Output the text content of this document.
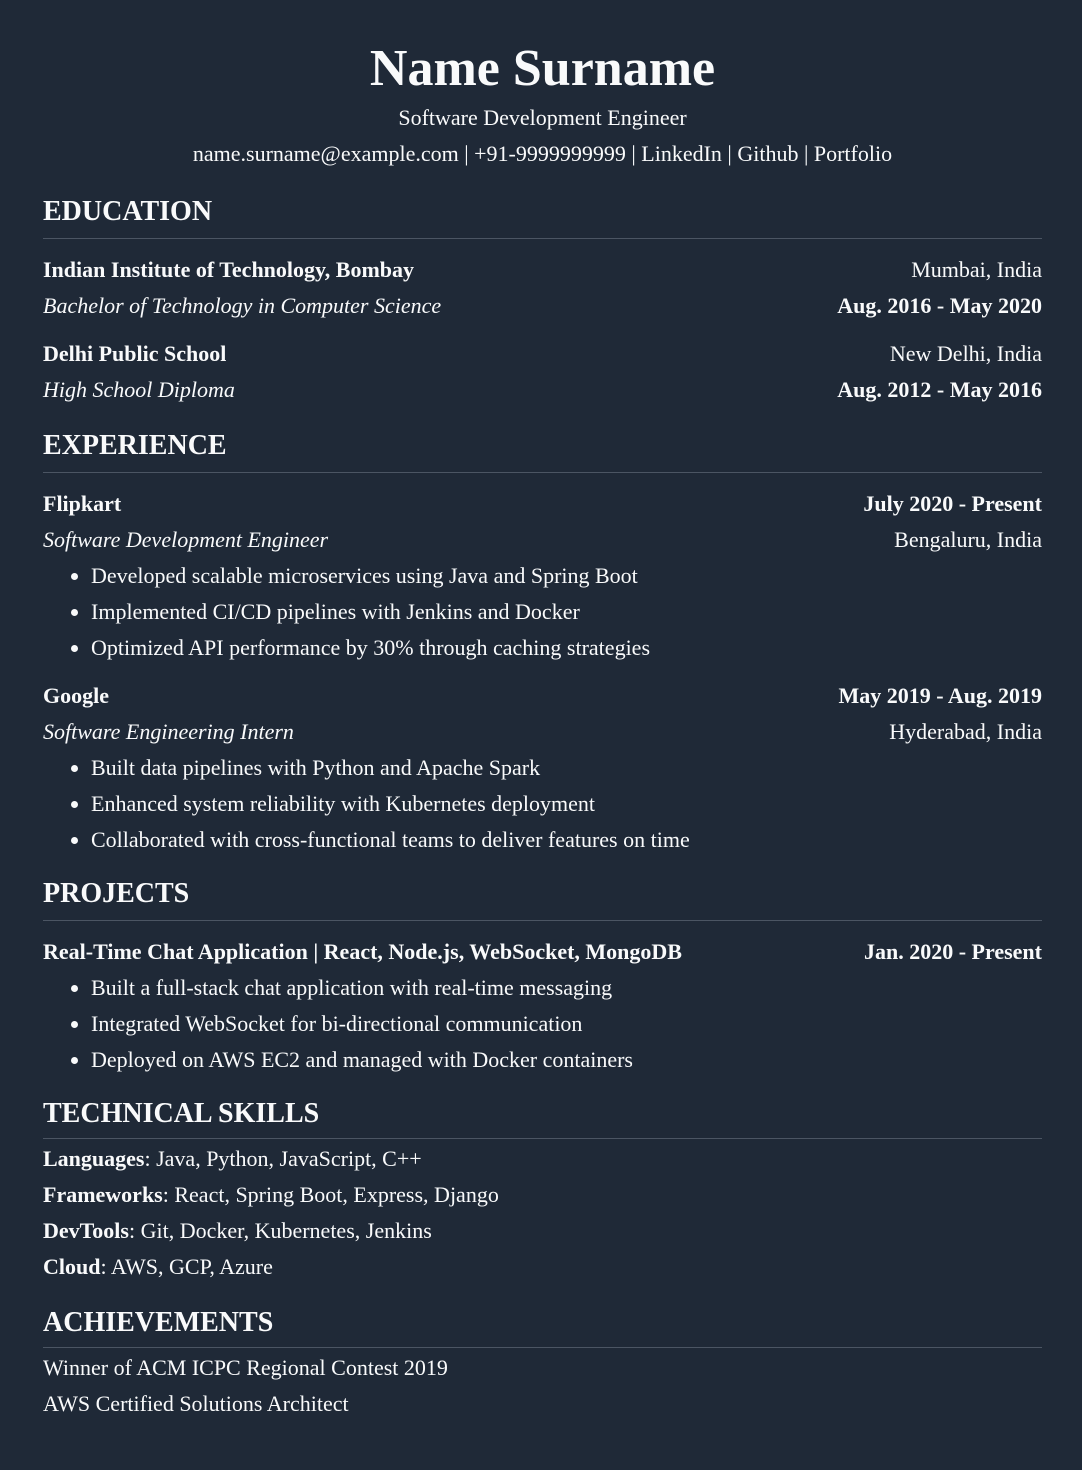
Name Surname
Software Development Engineer
name.surname@example.com | +91-9999999999 | LinkedIn | Github | Portfolio
EDUCATION
Indian Institute of Technology, Bombay	Mumbai, India
Bachelor of Technology in Computer Science	Aug. 2016 - May 2020
Delhi Public School	New Delhi, India
High School Diploma	Aug. 2012 - May 2016
EXPERIENCE
Flipkart	July 2020 - Present
Software Development Engineer	Bengaluru, India
• Developed scalable microservices using Java and Spring Boot
• Implemented CI/CD pipelines with Jenkins and Docker
• Optimized API performance by 30% through caching strategies
Google	May 2019 - Aug. 2019
Software Engineering Intern	Hyderabad, India
• Built data pipelines with Python and Apache Spark
• Enhanced system reliability with Kubernetes deployment
• Collaborated with cross-functional teams to deliver features on time
PROJECTS
Real-Time Chat Application | React, Node.js, WebSocket, MongoDB	Jan. 2020 - Present
• Built a full-stack chat application with real-time messaging
• Integrated WebSocket for bi-directional communication
• Deployed on AWS EC2 and managed with Docker containers
TECHNICAL SKILLS
Languages: Java, Python, JavaScript, C++
Frameworks: React, Spring Boot, Express, Django
DevTools: Git, Docker, Kubernetes, Jenkins
Cloud: AWS, GCP, Azure
ACHIEVEMENTS
Winner of ACM ICPC Regional Contest 2019
AWS Certified Solutions Architect
